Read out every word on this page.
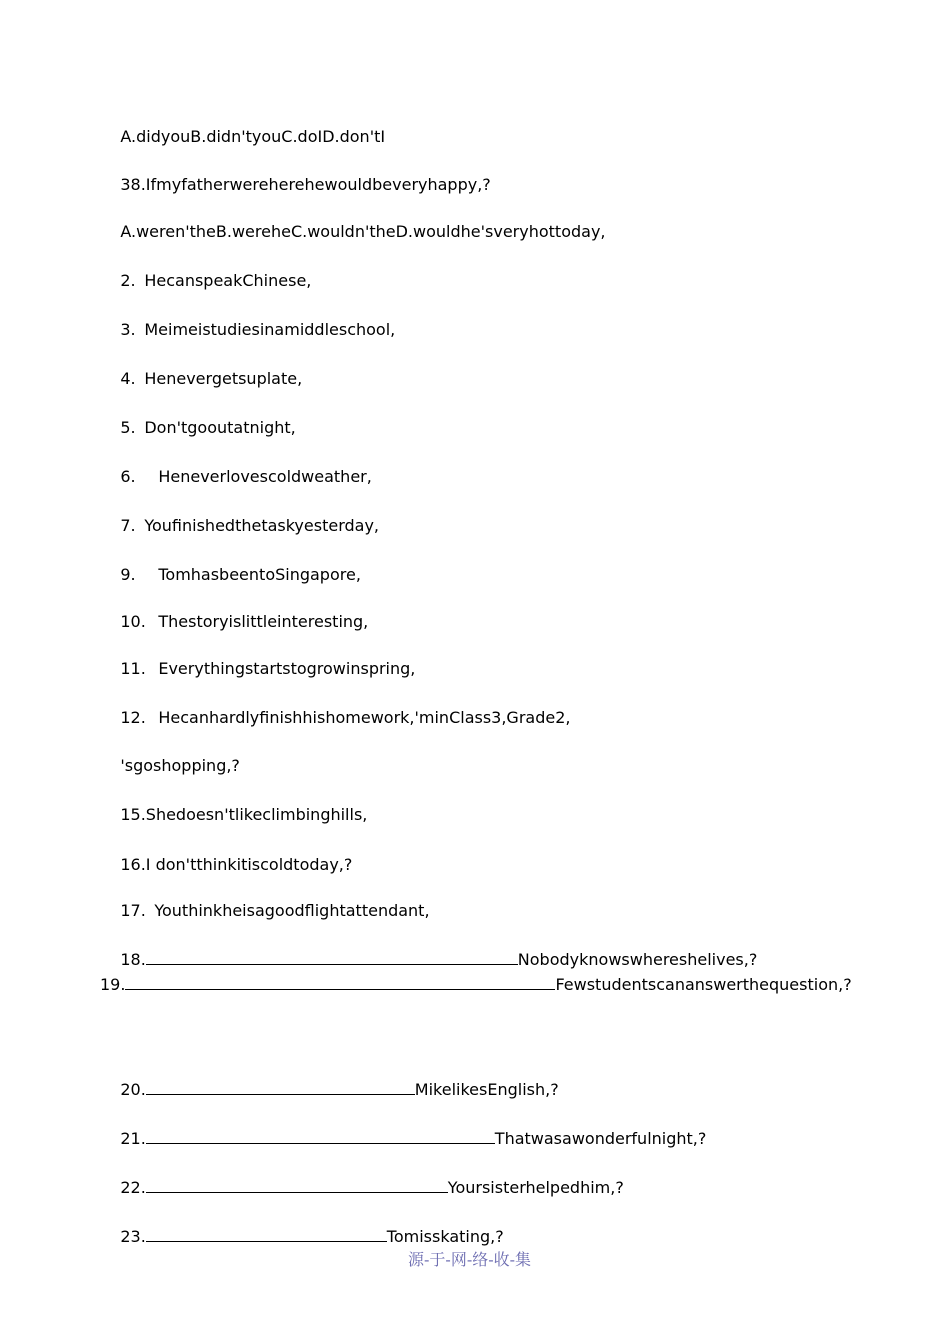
A.didyouB.didn'tyouC.doID.don'tI

38.Ifmyfatherwereherehewouldbeveryhappy,?

A.weren'theB.wereheC.wouldn'theD.wouldhe'sveryhottoday,

2. HecanspeakChinese,

3. Meimeistudiesinamiddleschool,

4. Henevergetsuplate,

5. Don'tgooutatnight,

6. Heneverlovescoldweather,

7. Youfinishedthetaskyesterday,

9. TomhasbeentoSingapore,

10. Thestoryislittleinteresting,

11. Everythingstartstogrowinspring,

12. Hecanhardlyfinishhishomework,'minClass3,Grade2,

'sgoshopping,?

15.Shedoesn'tlikeclimbinghills,

16.I don'tthinkitiscoldtoday,?

17. Youthinkheisagoodflightattendant,

18.	Nobodyknowswhereshelives,?

19.	Fewstudentscananswerthequestion,?

20.	MikelikesEnglish,?

21.	Thatwasawonderfulnight,?

22.	Yoursisterhelpedhim,?

23.	Tomisskating,?

源-于-网-络-收-集
